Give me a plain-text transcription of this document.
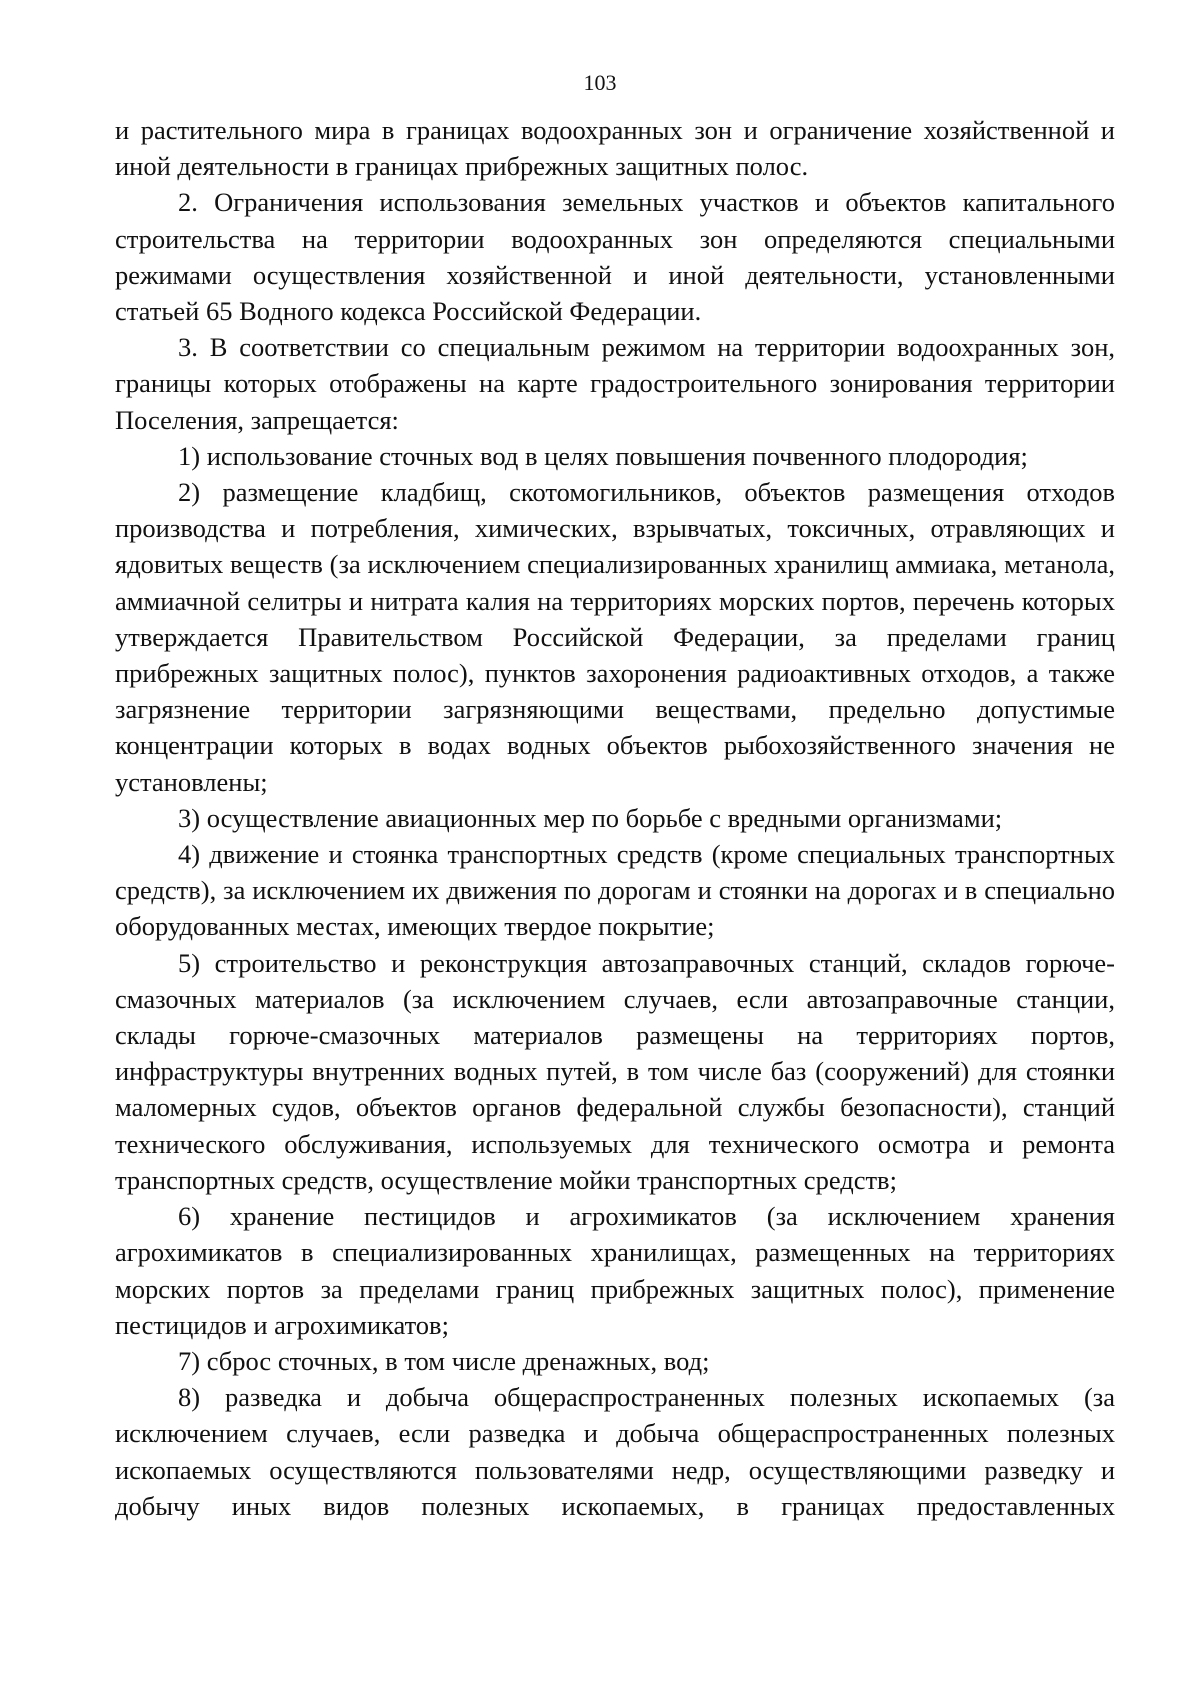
103

и растительного мира в границах водоохранных зон и ограничение хозяйственной и иной деятельности в границах прибрежных защитных полос.

2. Ограничения использования земельных участков и объектов капитального строительства на территории водоохранных зон определяются специальными режимами осуществления хозяйственной и иной деятельности, установленными статьей 65 Водного кодекса Российской Федерации.

3. В соответствии со специальным режимом на территории водоохранных зон, границы которых отображены на карте градостроительного зонирования территории Поселения, запрещается:

1) использование сточных вод в целях повышения почвенного плодородия;

2) размещение кладбищ, скотомогильников, объектов размещения отходов производства и потребления, химических, взрывчатых, токсичных, отравляющих и ядовитых веществ (за исключением специализированных хранилищ аммиака, метанола, аммиачной селитры и нитрата калия на территориях морских портов, перечень которых утверждается Правительством Российской Федерации, за пределами границ прибрежных защитных полос), пунктов захоронения радиоактивных отходов, а также загрязнение территории загрязняющими веществами, предельно допустимые концентрации которых в водах водных объектов рыбохозяйственного значения не установлены;

3) осуществление авиационных мер по борьбе с вредными организмами;

4) движение и стоянка транспортных средств (кроме специальных транспортных средств), за исключением их движения по дорогам и стоянки на дорогах и в специально оборудованных местах, имеющих твердое покрытие;

5) строительство и реконструкция автозаправочных станций, складов горюче-смазочных материалов (за исключением случаев, если автозаправочные станции, склады горюче-смазочных материалов размещены на территориях портов, инфраструктуры внутренних водных путей, в том числе баз (сооружений) для стоянки маломерных судов, объектов органов федеральной службы безопасности), станций технического обслуживания, используемых для технического осмотра и ремонта транспортных средств, осуществление мойки транспортных средств;

6) хранение пестицидов и агрохимикатов (за исключением хранения агрохимикатов в специализированных хранилищах, размещенных на территориях морских портов за пределами границ прибрежных защитных полос), применение пестицидов и агрохимикатов;

7) сброс сточных, в том числе дренажных, вод;

8) разведка и добыча общераспространенных полезных ископаемых (за исключением случаев, если разведка и добыча общераспространенных полезных ископаемых осуществляются пользователями недр, осуществляющими разведку и добычу иных видов полезных ископаемых, в границах предоставленных
